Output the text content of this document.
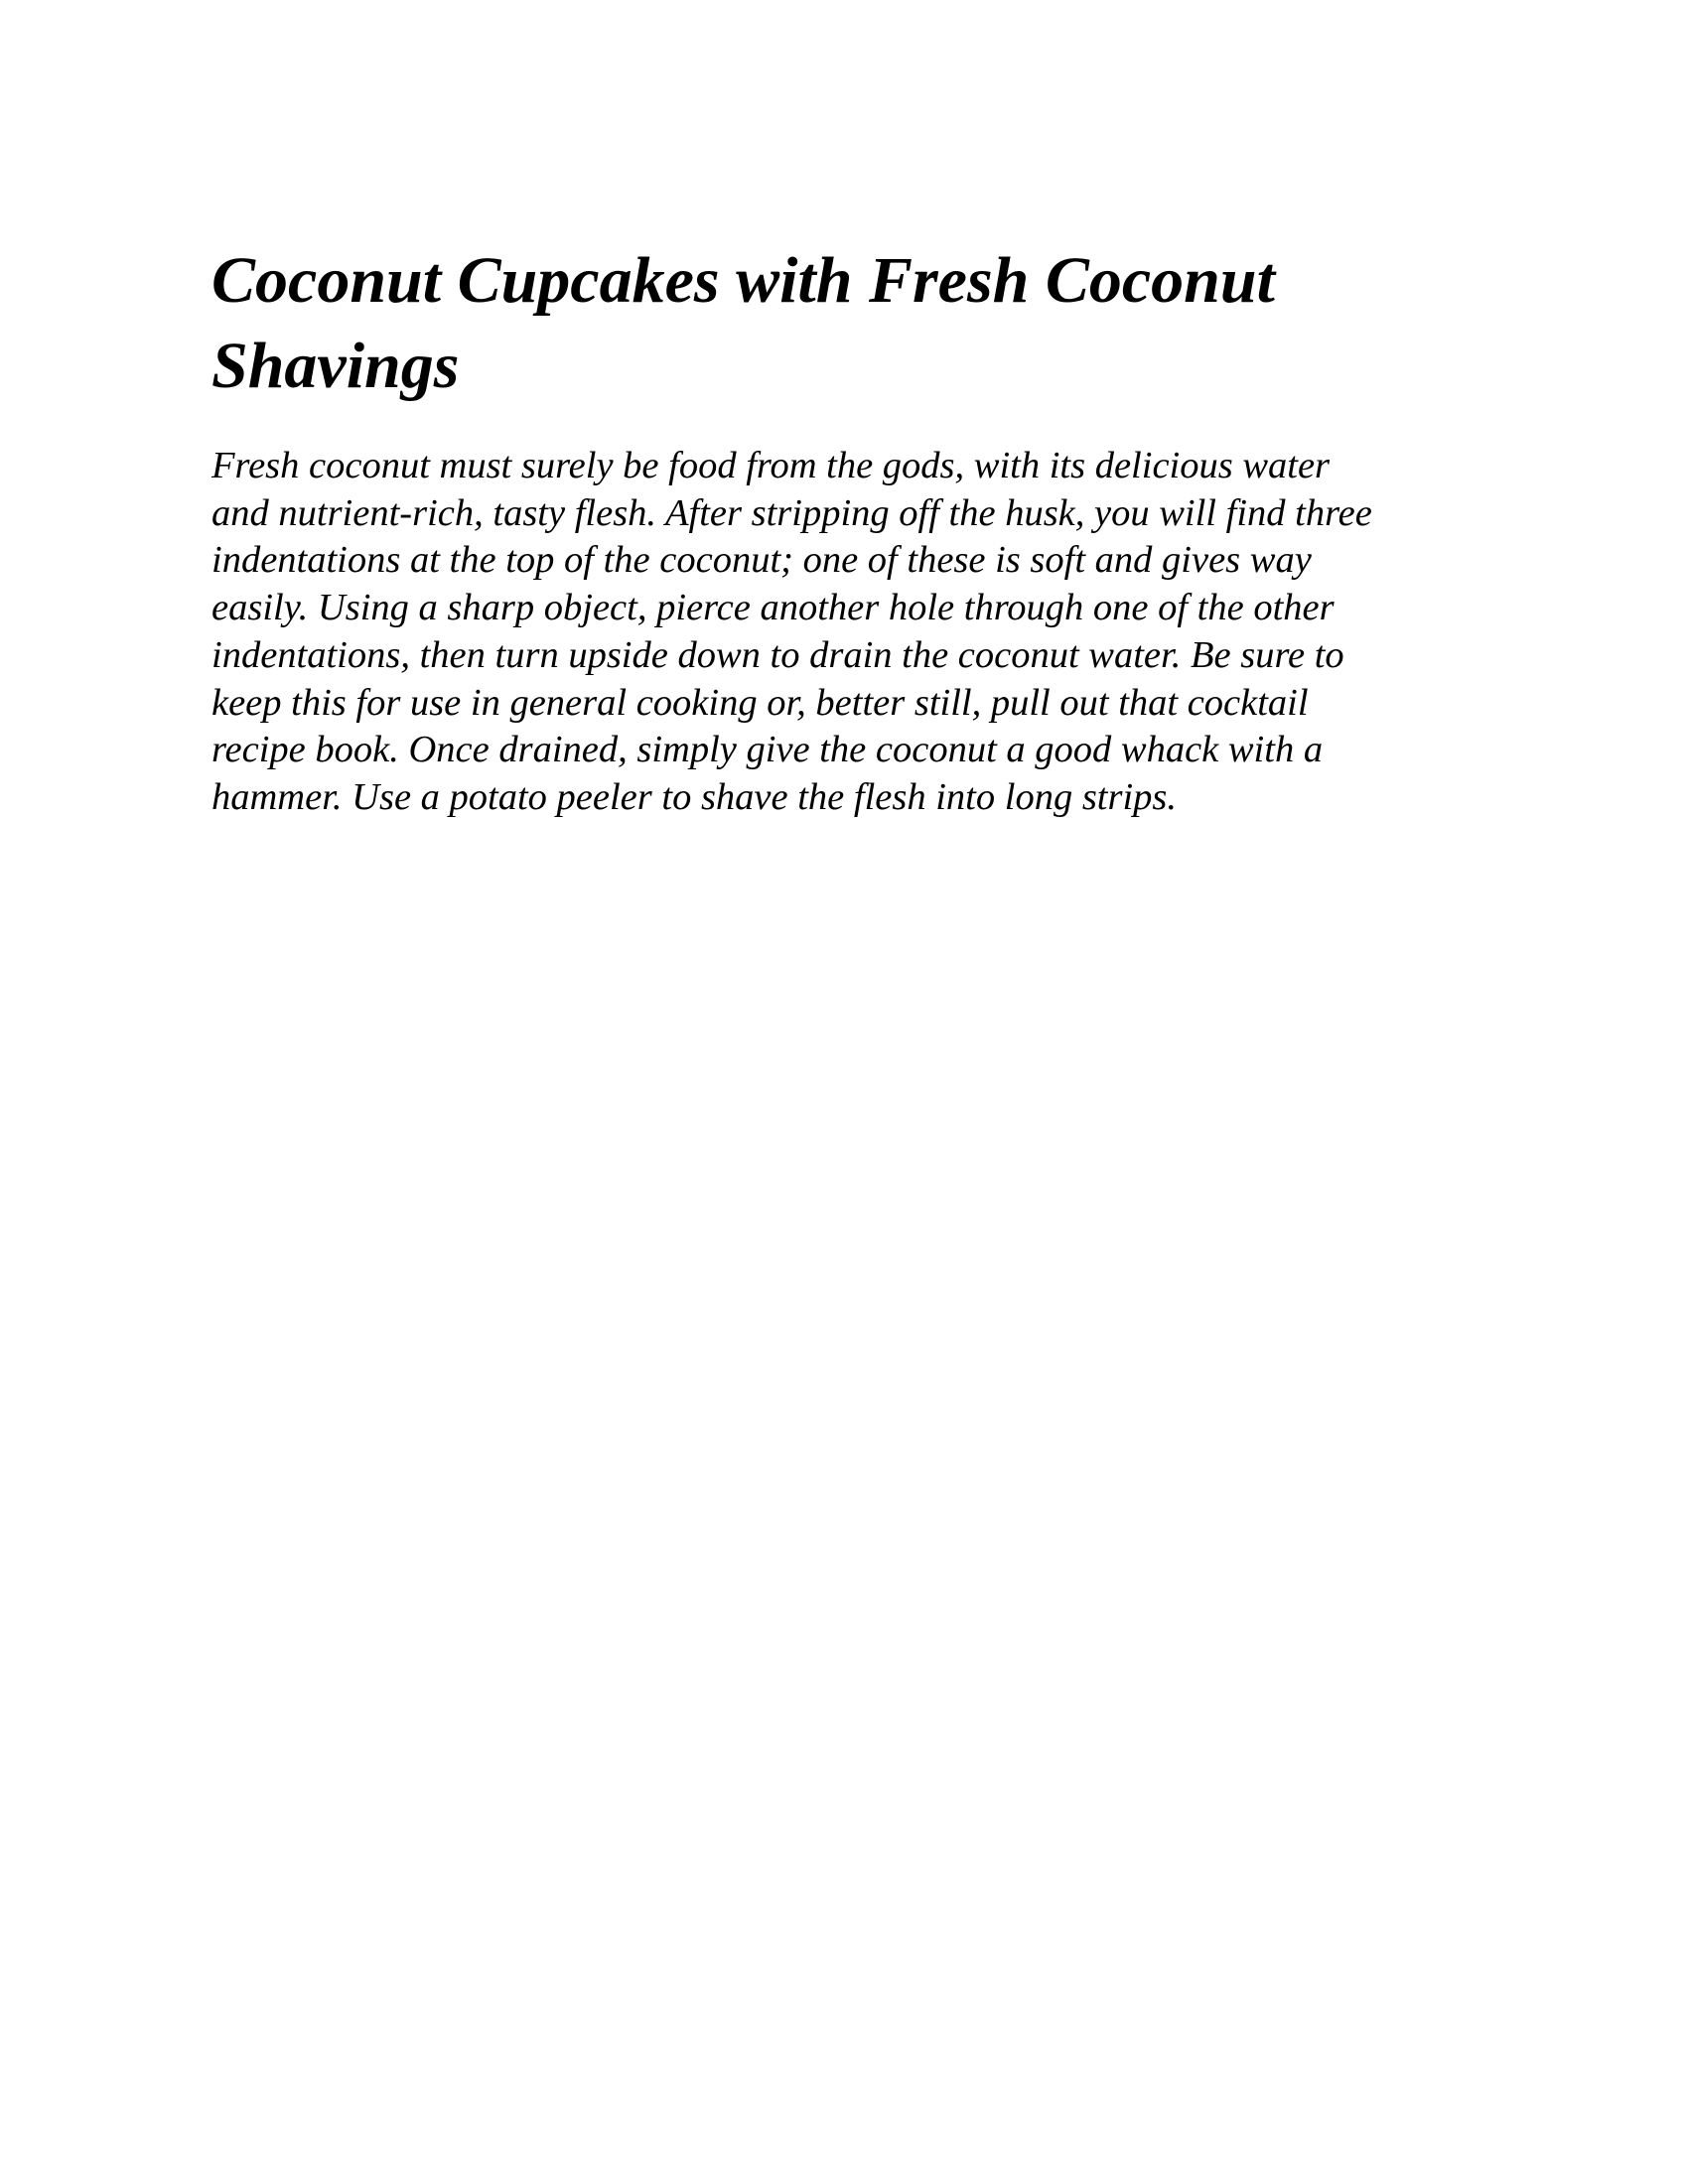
Coconut Cupcakes with Fresh Coconut
Shavings

Fresh coconut must surely be food from the gods, with its delicious water
and nutrient-rich, tasty flesh. After stripping off the husk, you will find three
indentations at the top of the coconut; one of these is soft and gives way
easily. Using a sharp object, pierce another hole through one of the other
indentations, then turn upside down to drain the coconut water. Be sure to
keep this for use in general cooking or, better still, pull out that cocktail
recipe book. Once drained, simply give the coconut a good whack with a
hammer. Use a potato peeler to shave the flesh into long strips.
